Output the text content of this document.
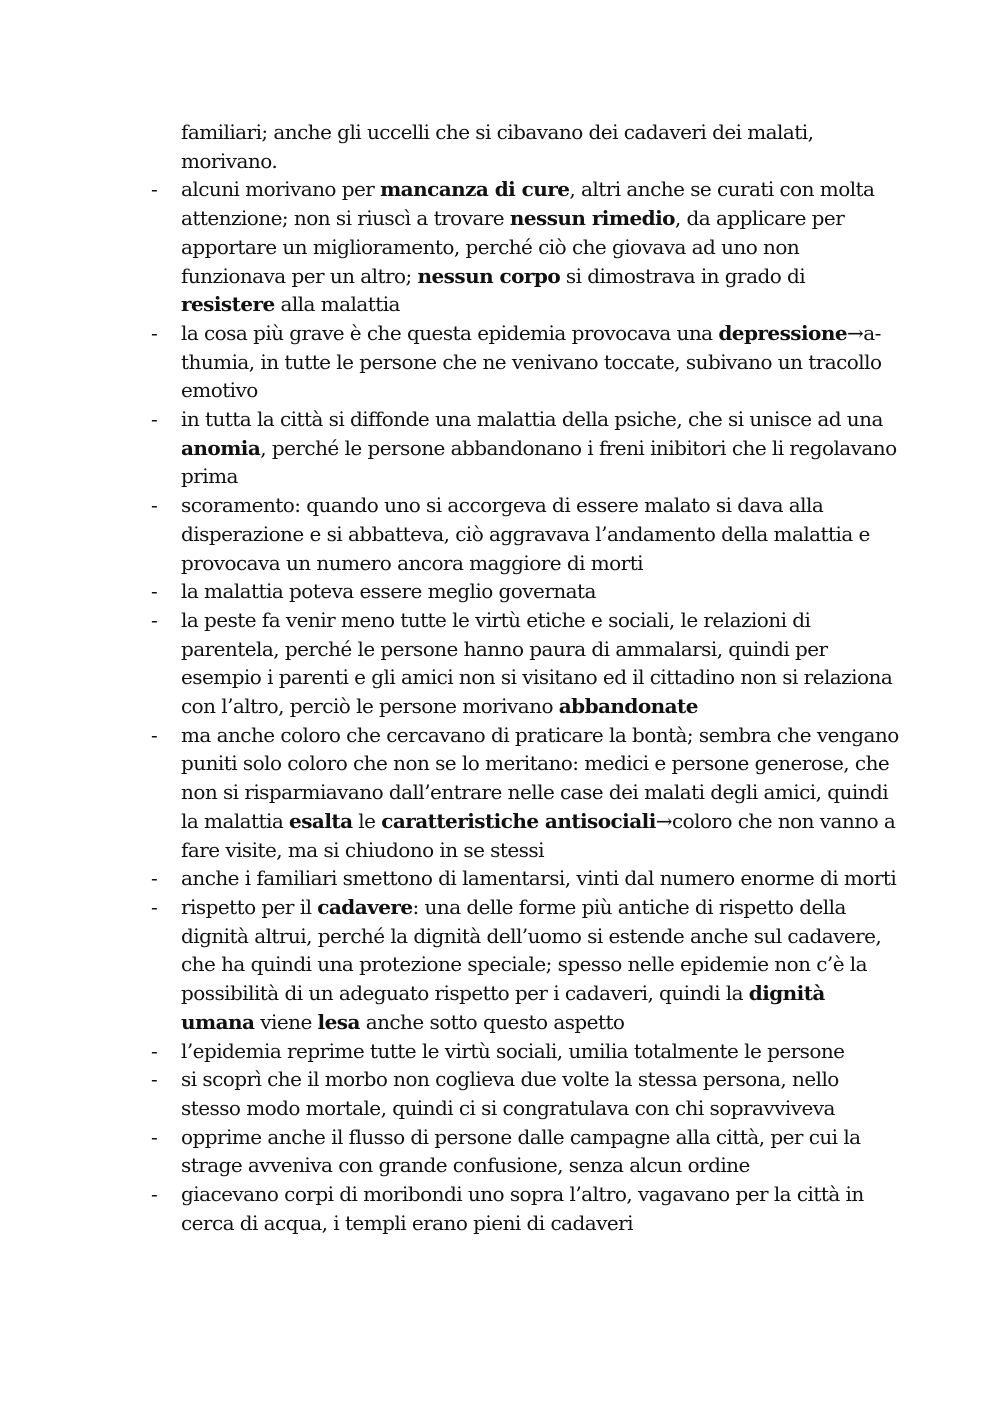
familiari; anche gli uccelli che si cibavano dei cadaveri dei malati, morivano.
- alcuni morivano per mancanza di cure, altri anche se curati con molta attenzione; non si riuscì a trovare nessun rimedio, da applicare per apportare un miglioramento, perché ciò che giovava ad uno non funzionava per un altro; nessun corpo si dimostrava in grado di resistere alla malattia
- la cosa più grave è che questa epidemia provocava una depressione→a-thumia, in tutte le persone che ne venivano toccate, subivano un tracollo emotivo
- in tutta la città si diffonde una malattia della psiche, che si unisce ad una anomia, perché le persone abbandonano i freni inibitori che li regolavano prima
- scoramento: quando uno si accorgeva di essere malato si dava alla disperazione e si abbatteva, ciò aggravava l’andamento della malattia e provocava un numero ancora maggiore di morti
- la malattia poteva essere meglio governata
- la peste fa venir meno tutte le virtù etiche e sociali, le relazioni di parentela, perché le persone hanno paura di ammalarsi, quindi per esempio i parenti e gli amici non si visitano ed il cittadino non si relaziona con l’altro, perciò le persone morivano abbandonate
- ma anche coloro che cercavano di praticare la bontà; sembra che vengano puniti solo coloro che non se lo meritano: medici e persone generose, che non si risparmiavano dall’entrare nelle case dei malati degli amici, quindi la malattia esalta le caratteristiche antisociali→coloro che non vanno a fare visite, ma si chiudono in se stessi
- anche i familiari smettono di lamentarsi, vinti dal numero enorme di morti
- rispetto per il cadavere: una delle forme più antiche di rispetto della dignità altrui, perché la dignità dell’uomo si estende anche sul cadavere, che ha quindi una protezione speciale; spesso nelle epidemie non c’è la possibilità di un adeguato rispetto per i cadaveri, quindi la dignità umana viene lesa anche sotto questo aspetto
- l’epidemia reprime tutte le virtù sociali, umilia totalmente le persone
- si scoprì che il morbo non coglieva due volte la stessa persona, nello stesso modo mortale, quindi ci si congratulava con chi sopravviveva
- opprime anche il flusso di persone dalle campagne alla città, per cui la strage avveniva con grande confusione, senza alcun ordine
- giacevano corpi di moribondi uno sopra l’altro, vagavano per la città in cerca di acqua, i templi erano pieni di cadaveri
